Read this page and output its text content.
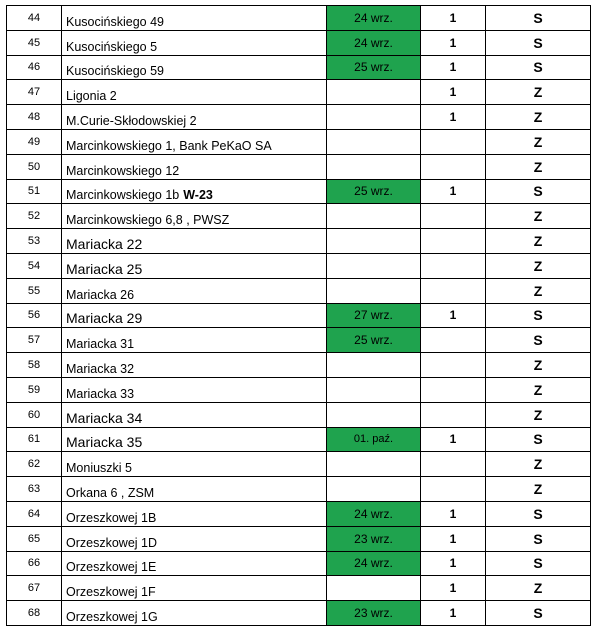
44	Kusocińskiego 49	24 wrz.	1	S
45	Kusocińskiego 5	24 wrz.	1	S
46	Kusocińskiego 59	25 wrz.	1	S
47	Ligonia 2		1	Z
48	M.Curie-Skłodowskiej 2		1	Z
49	Marcinkowskiego 1, Bank PeKaO SA			Z
50	Marcinkowskiego 12			Z
51	Marcinkowskiego 1b W-23	25 wrz.	1	S
52	Marcinkowskiego 6,8 , PWSZ			Z
53	Mariacka 22			Z
54	Mariacka 25			Z
55	Mariacka 26			Z
56	Mariacka 29	27 wrz.	1	S
57	Mariacka 31	25 wrz.		S
58	Mariacka 32			Z
59	Mariacka 33			Z
60	Mariacka 34			Z
61	Mariacka 35	01. paź.	1	S
62	Moniuszki 5			Z
63	Orkana 6 , ZSM			Z
64	Orzeszkowej 1B	24 wrz.	1	S
65	Orzeszkowej 1D	23 wrz.	1	S
66	Orzeszkowej 1E	24 wrz.	1	S
67	Orzeszkowej 1F		1	Z
68	Orzeszkowej 1G	23 wrz.	1	S
